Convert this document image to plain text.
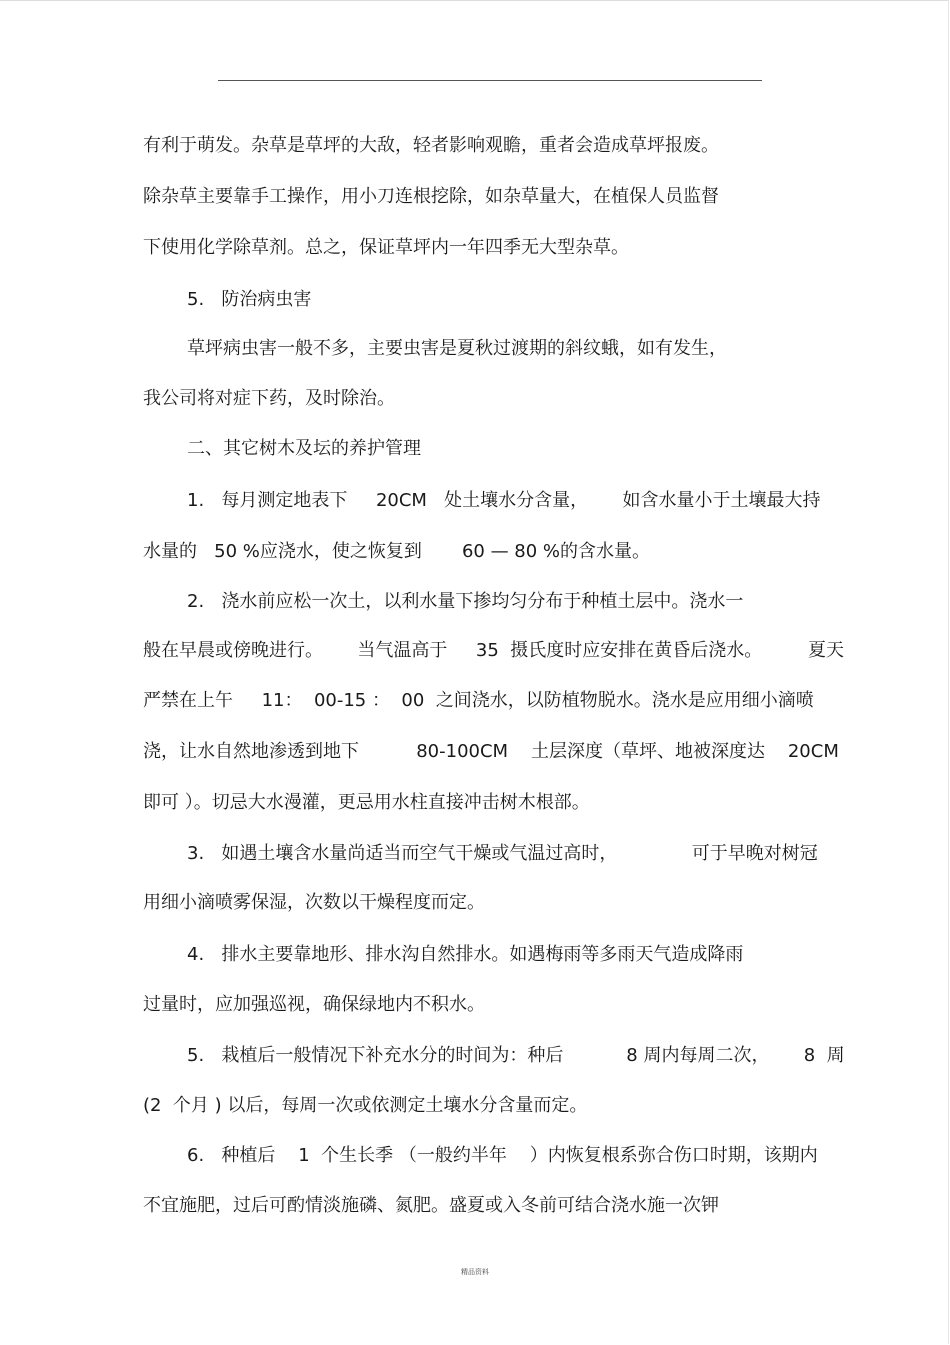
有利于萌发。杂草是草坪的大敌，轻者影响观瞻，重者会造成草坪报废。
除杂草主要靠手工操作，用小刀连根挖除，如杂草量大，在植保人员监督
下使用化学除草剂。总之，保证草坪内一年四季无大型杂草。
5.   防治病虫害
草坪病虫害一般不多，主要虫害是夏秋过渡期的斜纹蛾，如有发生，
我公司将对症下药，及时除治。
二、其它树木及坛的养护管理
1.   每月测定地表下     20CM   处土壤水分含量，      如含水量小于土壤最大持
水量的   50 %应浇水，使之恢复到       60 — 80 %的含水量。
2.   浇水前应松一次土，以利水量下掺均匀分布于种植土层中。浇水一
般在早晨或傍晚进行。      当气温高于     35  摄氏度时应安排在黄昏后浇水。        夏天
严禁在上午     11：  00-15 ：  00  之间浇水，以防植物脱水。浇水是应用细小滴喷
浇，让水自然地渗透到地下          80-100CM    土层深度（草坪、地被深度达    20CM
即可 ）。切忌大水漫灌，更忌用水柱直接冲击树木根部。
3.   如遇土壤含水量尚适当而空气干燥或气温过高时，             可于早晚对树冠
用细小滴喷雾保湿，次数以干燥程度而定。
4.   排水主要靠地形、排水沟自然排水。如遇梅雨等多雨天气造成降雨
过量时，应加强巡视，确保绿地内不积水。
5.   栽植后一般情况下补充水分的时间为：种后           8 周内每周二次，      8  周
(2  个月 ) 以后，每周一次或依测定土壤水分含量而定。
6.   种植后    1  个生长季 （一般约半年    ）内恢复根系弥合伤口时期，该期内
不宜施肥，过后可酌情淡施磷、氮肥。盛夏或入冬前可结合浇水施一次钾
精品资料
